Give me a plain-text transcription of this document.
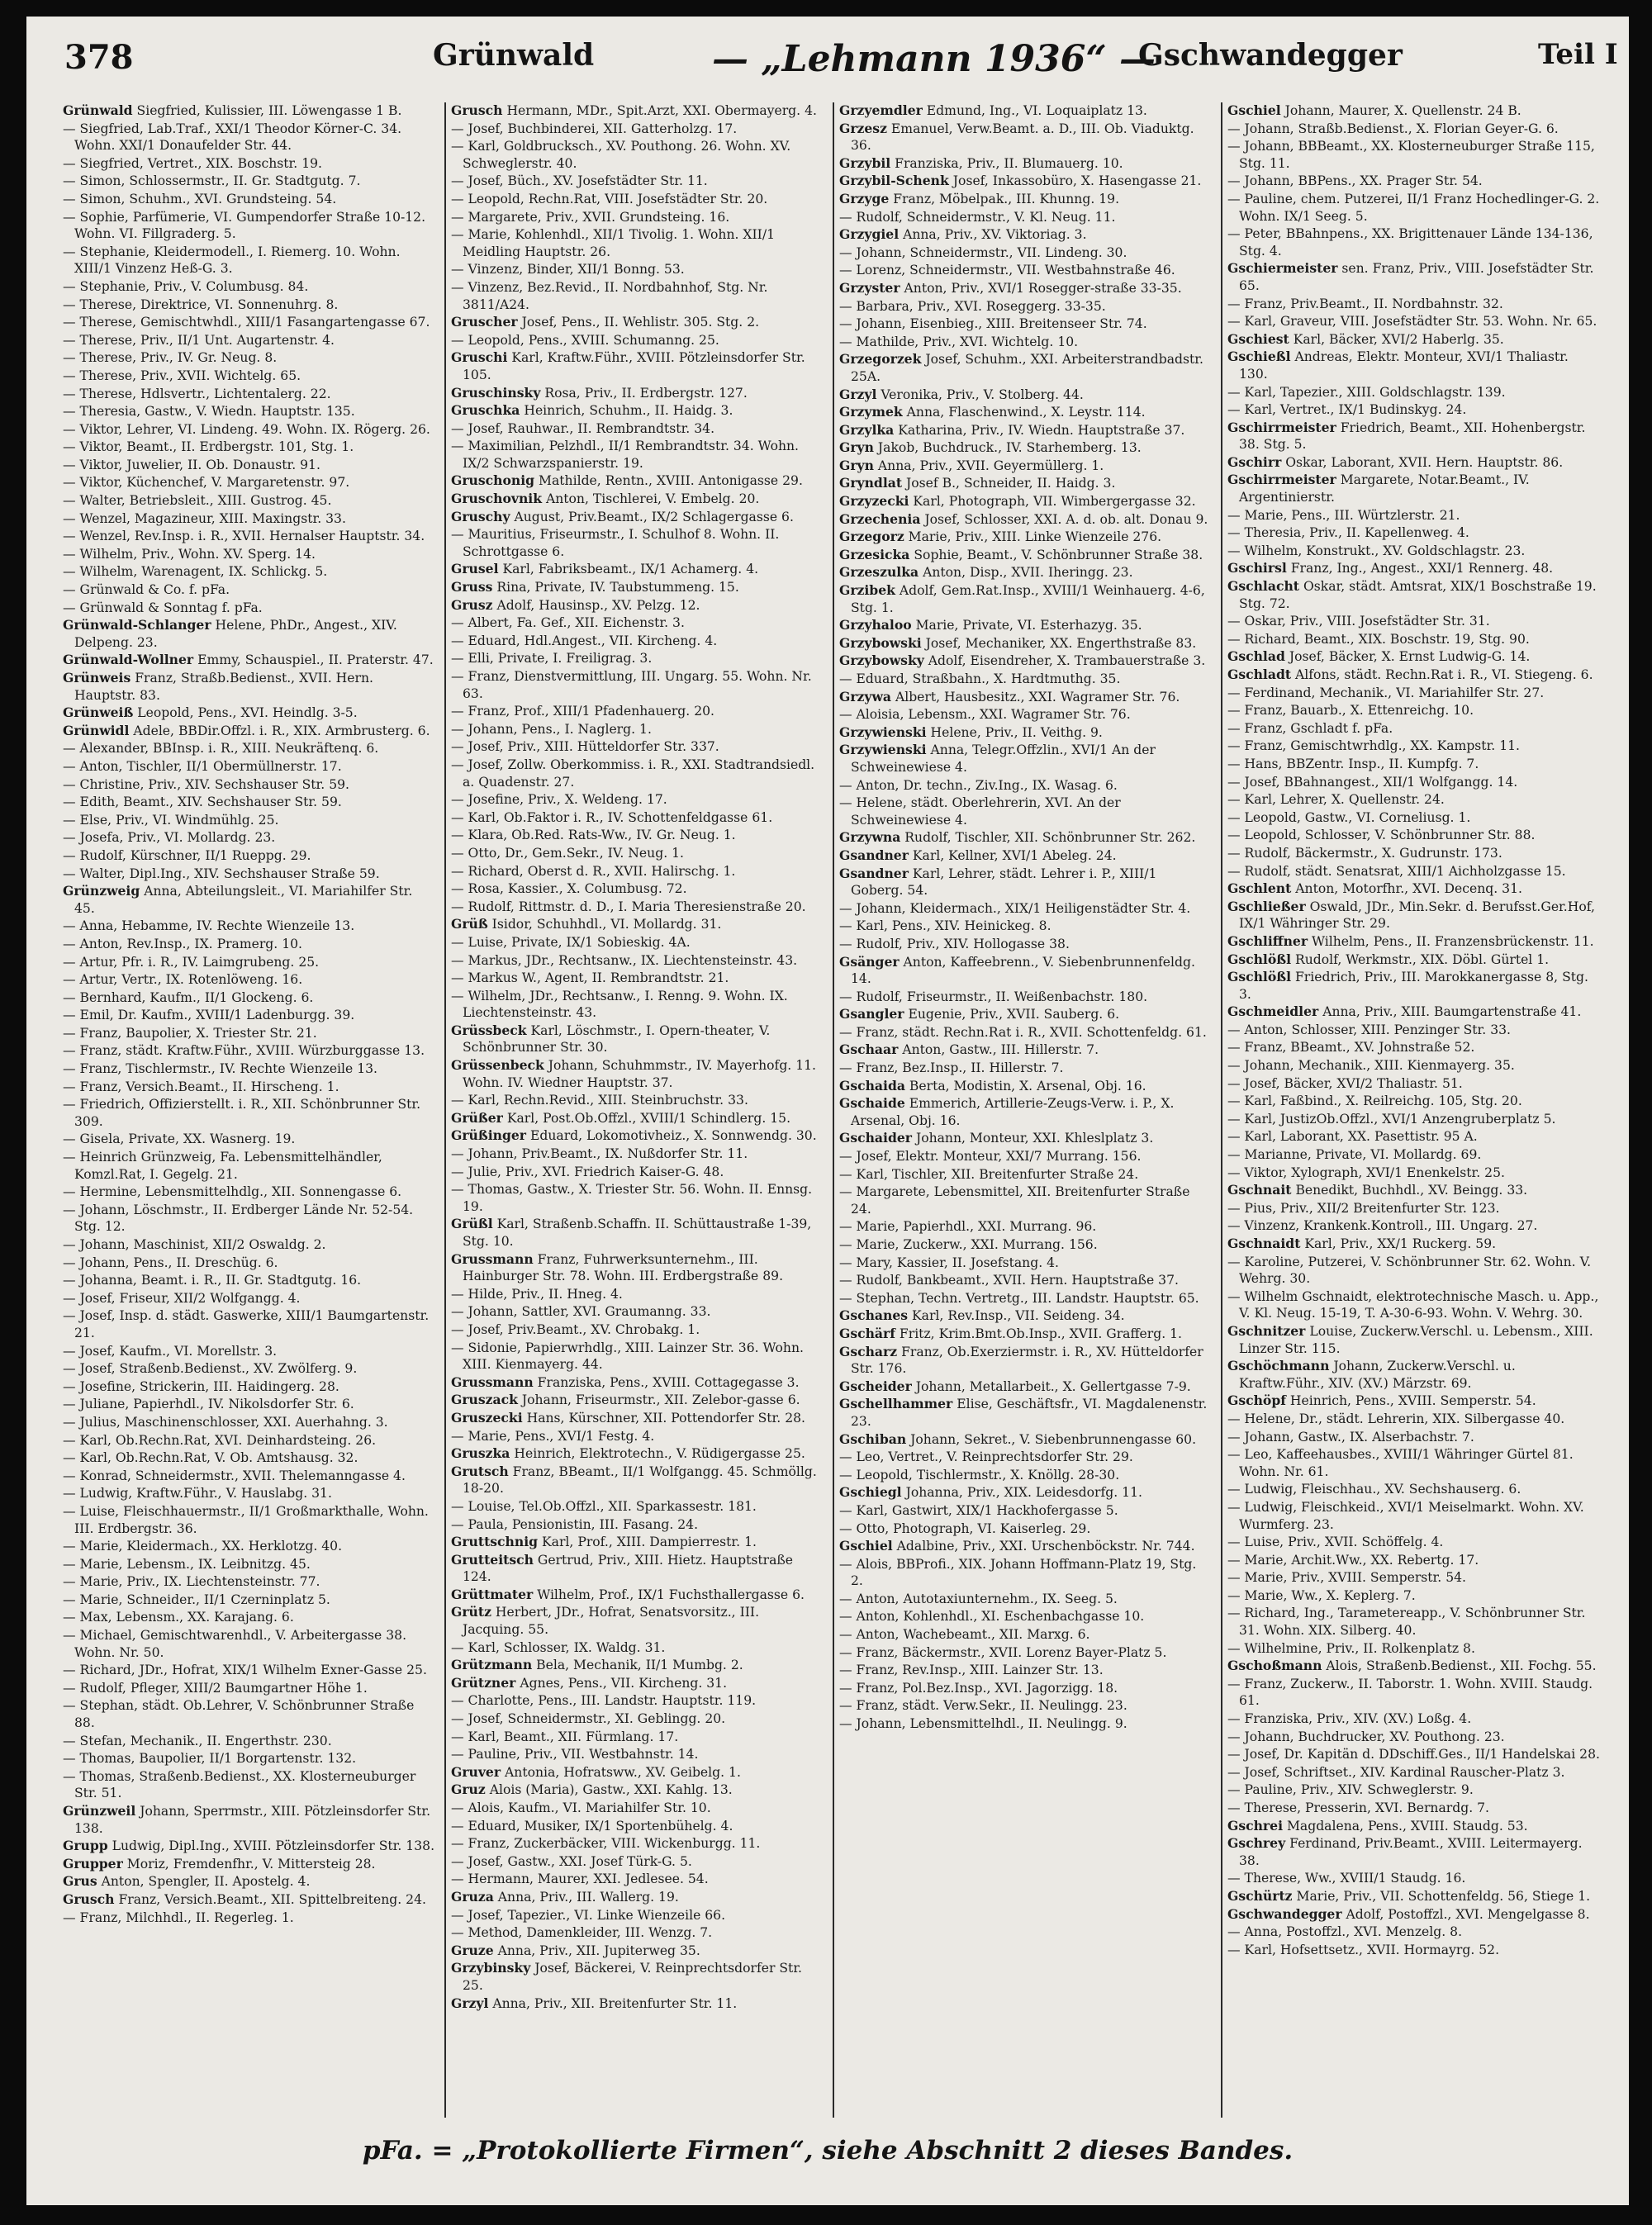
378	Grünwald	— „Lehmann 1936“ —
Gschwandegger	Teil I
Grünwald Siegfried, Kulissier, III. Löwengasse 1 B.
— Siegfried, Lab.Traf., XXI/1 Theodor Körner-C. 34. Wohn. XXI/1 Donaufelder Str. 44.
— Siegfried, Vertret., XIX. Boschstr. 19.
— Simon, Schlossermstr., II. Gr. Stadtgutg. 7.
— Simon, Schuhm., XVI. Grundsteing. 54.
— Sophie, Parfümerie, VI. Gumpendorfer Straße 10-12. Wohn. VI. Fillgraderg. 5.
— Stephanie, Kleidermodell., I. Riemerg. 10. Wohn. XIII/1 Vinzenz Heß-G. 3.
— Stephanie, Priv., V. Columbusg. 84.
— Therese, Direktrice, VI. Sonnenuhrg. 8.
— Therese, Gemischtwhdl., XIII/1 Fasangartengasse 67.
— Therese, Priv., II/1 Unt. Augartenstr. 4.
— Therese, Priv., IV. Gr. Neug. 8.
— Therese, Priv., XVII. Wichtelg. 65.
— Therese, Hdlsvertr., Lichtentalerg. 22.
— Theresia, Gastw., V. Wiedn. Hauptstr. 135.
— Viktor, Lehrer, VI. Lindeng. 49. Wohn. IX. Rögerg. 26.
— Viktor, Beamt., II. Erdbergstr. 101, Stg. 1.
— Viktor, Juwelier, II. Ob. Donaustr. 91.
— Viktor, Küchenchef, V. Margaretenstr. 97.
— Walter, Betriebsleit., XIII. Gustrog. 45.
— Wenzel, Magazineur, XIII. Maxingstr. 33.
— Wenzel, Rev.Insp. i. R., XVII. Hernalser Hauptstr. 34.
— Wilhelm, Priv., Wohn. XV. Sperg. 14.
— Wilhelm, Warenagent, IX. Schlickg. 5.
— Grünwald & Co. f. pFa.
— Grünwald & Sonntag f. pFa.
Grünwald-Schlanger Helene, PhDr., Angest., XIV. Delpeng. 23.
Grünwald-Wollner Emmy, Schauspiel., II. Praterstr. 47.
Grünweis Franz, Straßb.Bedienst., XVII. Hern. Hauptstr. 83.
Grünweiß Leopold, Pens., XVI. Heindlg. 3-5.
Grünwidl Adele, BBDir.Offzl. i. R., XIX. Armbrusterg. 6.
— Alexander, BBInsp. i. R., XIII. Neukräftenq. 6.
— Anton, Tischler, II/1 Obermüllnerstr. 17.
— Christine, Priv., XIV. Sechshauser Str. 59.
— Edith, Beamt., XIV. Sechshauser Str. 59.
— Else, Priv., VI. Windmühlg. 25.
— Josefa, Priv., VI. Mollardg. 23.
— Rudolf, Kürschner, II/1 Rueppg. 29.
— Walter, Dipl.Ing., XIV. Sechshauser Straße 59.
Grünzweig Anna, Abteilungsleit., VI. Mariahilfer Str. 45.
— Anna, Hebamme, IV. Rechte Wienzeile 13.
— Anton, Rev.Insp., IX. Pramerg. 10.
— Artur, Pfr. i. R., IV. Laimgrubeng. 25.
— Artur, Vertr., IX. Rotenlöweng. 16.
— Bernhard, Kaufm., II/1 Glockeng. 6.
— Emil, Dr. Kaufm., XVIII/1 Ladenburgg. 39.
— Franz, Baupolier, X. Triester Str. 21.
— Franz, städt. Kraftw.Führ., XVIII. Würzburggasse 13.
— Franz, Tischlermstr., IV. Rechte Wienzeile 13.
— Franz, Versich.Beamt., II. Hirscheng. 1.
— Friedrich, Offizierstellt. i. R., XII. Schönbrunner Str. 309.
— Gisela, Private, XX. Wasnerg. 19.
— Heinrich Grünzweig, Fa. Lebensmittelhändler, Komzl.Rat, I. Gegelg. 21.
— Hermine, Lebensmittelhdlg., XII. Sonnengasse 6.
— Johann, Löschmstr., II. Erdberger Lände Nr. 52-54. Stg. 12.
— Johann, Maschinist, XII/2 Oswaldg. 2.
— Johann, Pens., II. Dreschüg. 6.
— Johanna, Beamt. i. R., II. Gr. Stadtgutg. 16.
— Josef, Friseur, XII/2 Wolfgangg. 4.
— Josef, Insp. d. städt. Gaswerke, XIII/1 Baumgartenstr. 21.
— Josef, Kaufm., VI. Morellstr. 3.
— Josef, Straßenb.Bedienst., XV. Zwölferg. 9.
— Josefine, Strickerin, III. Haidingerg. 28.
— Juliane, Papierhdl., IV. Nikolsdorfer Str. 6.
— Julius, Maschinenschlosser, XXI. Auerhahng. 3.
— Karl, Ob.Rechn.Rat, XVI. Deinhardsteing. 26.
— Karl, Ob.Rechn.Rat, V. Ob. Amtshausg. 32.
— Konrad, Schneidermstr., XVII. Thelemanngasse 4.
— Ludwig, Kraftw.Führ., V. Hauslabg. 31.
— Luise, Fleischhauermstr., II/1 Großmarkthalle, Wohn. III. Erdbergstr. 36.
— Marie, Kleidermach., XX. Herklotzg. 40.
— Marie, Lebensm., IX. Leibnitzg. 45.
— Marie, Priv., IX. Liechtensteinstr. 77.
— Marie, Schneider., II/1 Czerninplatz 5.
— Max, Lebensm., XX. Karajang. 6.
— Michael, Gemischtwarenhdl., V. Arbeitergasse 38. Wohn. Nr. 50.
— Richard, JDr., Hofrat, XIX/1 Wilhelm Exner-Gasse 25.
— Rudolf, Pfleger, XIII/2 Baumgartner Höhe 1.
— Stephan, städt. Ob.Lehrer, V. Schönbrunner Straße 88.
— Stefan, Mechanik., II. Engerthstr. 230.
— Thomas, Baupolier, II/1 Borgartenstr. 132.
— Thomas, Straßenb.Bedienst., XX. Klosterneuburger Str. 51.
Grünzweil Johann, Sperrmstr., XIII. Pötzleinsdorfer Str. 138.
Grupp Ludwig, Dipl.Ing., XVIII. Pötzleinsdorfer Str. 138.
Grupper Moriz, Fremdenfhr., V. Mittersteig 28.
Grus Anton, Spengler, II. Apostelg. 4.
Grusch Franz, Versich.Beamt., XII. Spittelbreiteng. 24.
— Franz, Milchhdl., II. Regerleg. 1.
Grusch Hermann, MDr., Spit.Arzt, XXI. Obermayerg. 4.
— Josef, Buchbinderei, XII. Gatterholzg. 17.
— Karl, Goldbrucksch., XV. Pouthong. 26. Wohn. XV. Schweglerstr. 40.
— Josef, Büch., XV. Josefstädter Str. 11.
— Leopold, Rechn.Rat, VIII. Josefstädter Str. 20.
— Margarete, Priv., XVII. Grundsteing. 16.
— Marie, Kohlenhdl., XII/1 Tivolig. 1. Wohn. XII/1 Meidling Hauptstr. 26.
— Vinzenz, Binder, XII/1 Bonng. 53.
— Vinzenz, Bez.Revid., II. Nordbahnhof, Stg. Nr. 3811/A24.
Gruscher Josef, Pens., II. Wehlistr. 305. Stg. 2.
— Leopold, Pens., XVIII. Schumanng. 25.
Gruschi Karl, Kraftw.Führ., XVIII. Pötzleinsdorfer Str. 105.
Gruschinsky Rosa, Priv., II. Erdbergstr. 127.
Gruschka Heinrich, Schuhm., II. Haidg. 3.
— Josef, Rauhwar., II. Rembrandtstr. 34.
— Maximilian, Pelzhdl., II/1 Rembrandtstr. 34. Wohn. IX/2 Schwarzspanierstr. 19.
Gruschonig Mathilde, Rentn., XVIII. Antonigasse 29.
Gruschovnik Anton, Tischlerei, V. Embelg. 20.
Gruschy August, Priv.Beamt., IX/2 Schlagergasse 6.
— Mauritius, Friseurmstr., I. Schulhof 8. Wohn. II. Schrottgasse 6.
Grusel Karl, Fabriksbeamt., IX/1 Achamerg. 4.
Gruss Rina, Private, IV. Taubstummeng. 15.
Grusz Adolf, Hausinsp., XV. Pelzg. 12.
— Albert, Fa. Gef., XII. Eichenstr. 3.
— Eduard, Hdl.Angest., VII. Kircheng. 4.
— Elli, Private, I. Freiligrag. 3.
— Franz, Dienstvermittlung, III. Ungarg. 55. Wohn. Nr. 63.
— Franz, Prof., XIII/1 Pfadenhauerg. 20.
— Johann, Pens., I. Naglerg. 1.
— Josef, Priv., XIII. Hütteldorfer Str. 337.
— Josef, Zollw. Oberkommiss. i. R., XXI. Stadtrandsiedl. a. Quadenstr. 27.
— Josefine, Priv., X. Weldeng. 17.
— Karl, Ob.Faktor i. R., IV. Schottenfeldgasse 61.
— Klara, Ob.Red. Rats-Ww., IV. Gr. Neug. 1.
— Otto, Dr., Gem.Sekr., IV. Neug. 1.
— Richard, Oberst d. R., XVII. Halirschg. 1.
— Rosa, Kassier., X. Columbusg. 72.
— Rudolf, Rittmstr. d. D., I. Maria Theresienstraße 20.
Grüß Isidor, Schuhhdl., VI. Mollardg. 31.
— Luise, Private, IX/1 Sobieskig. 4A.
— Markus, JDr., Rechtsanw., IX. Liechtensteinstr. 43.
— Markus W., Agent, II. Rembrandtstr. 21.
— Wilhelm, JDr., Rechtsanw., I. Renng. 9. Wohn. IX. Liechtensteinstr. 43.
Grüssbeck Karl, Löschmstr., I. Opern-theater, V. Schönbrunner Str. 30.
Grüssenbeck Johann, Schuhmmstr., IV. Mayerhofg. 11. Wohn. IV. Wiedner Hauptstr. 37.
— Karl, Rechn.Revid., XIII. Steinbruchstr. 33.
Grüßer Karl, Post.Ob.Offzl., XVIII/1 Schindlerg. 15.
Grüßinger Eduard, Lokomotivheiz., X. Sonnwendg. 30.
— Johann, Priv.Beamt., IX. Nußdorfer Str. 11.
— Julie, Priv., XVI. Friedrich Kaiser-G. 48.
— Thomas, Gastw., X. Triester Str. 56. Wohn. II. Ennsg. 19.
Grüßl Karl, Straßenb.Schaffn. II. Schüttaustraße 1-39, Stg. 10.
Grussmann Franz, Fuhrwerksunternehm., III. Hainburger Str. 78. Wohn. III. Erdbergstraße 89.
— Hilde, Priv., II. Hneg. 4.
— Johann, Sattler, XVI. Graumanng. 33.
— Josef, Priv.Beamt., XV. Chrobakg. 1.
— Sidonie, Papierwrhdlg., XIII. Lainzer Str. 36. Wohn. XIII. Kienmayerg. 44.
Grussmann Franziska, Pens., XVIII. Cottagegasse 3.
Gruszack Johann, Friseurmstr., XII. Zelebor-gasse 6.
Gruszecki Hans, Kürschner, XII. Pottendorfer Str. 28.
— Marie, Pens., XVI/1 Festg. 4.
Gruszka Heinrich, Elektrotechn., V. Rüdigergasse 25.
Grutsch Franz, BBeamt., II/1 Wolfgangg. 45. Schmöllg. 18-20.
— Louise, Tel.Ob.Offzl., XII. Sparkassestr. 181.
— Paula, Pensionistin, III. Fasang. 24.
Gruttschnig Karl, Prof., XIII. Dampierrestr. 1.
Grutteitsch Gertrud, Priv., XIII. Hietz. Hauptstraße 124.
Grüttmater Wilhelm, Prof., IX/1 Fuchsthallergasse 6.
Grütz Herbert, JDr., Hofrat, Senatsvorsitz., III. Jacquing. 55.
— Karl, Schlosser, IX. Waldg. 31.
Grützmann Bela, Mechanik, II/1 Mumbg. 2.
Grützner Agnes, Pens., VII. Kircheng. 31.
— Charlotte, Pens., III. Landstr. Hauptstr. 119.
— Josef, Schneidermstr., XI. Geblingg. 20.
— Karl, Beamt., XII. Fürmlang. 17.
— Pauline, Priv., VII. Westbahnstr. 14.
Gruver Antonia, Hofratsww., XV. Geibelg. 1.
Gruz Alois (Maria), Gastw., XXI. Kahlg. 13.
— Alois, Kaufm., VI. Mariahilfer Str. 10.
— Eduard, Musiker, IX/1 Sportenbühelg. 4.
— Franz, Zuckerbäcker, VIII. Wickenburgg. 11.
— Josef, Gastw., XXI. Josef Türk-G. 5.
— Hermann, Maurer, XXI. Jedlesee. 54.
Gruza Anna, Priv., III. Wallerg. 19.
— Josef, Tapezier., VI. Linke Wienzeile 66.
— Method, Damenkleider, III. Wenzg. 7.
Gruze Anna, Priv., XII. Jupiterweg 35.
Grzybinsky Josef, Bäckerei, V. Reinprechtsdorfer Str. 25.
Grzyl Anna, Priv., XII. Breitenfurter Str. 11.
Grzyemdler Edmund, Ing., VI. Loquaiplatz 13.
Grzesz Emanuel, Verw.Beamt. a. D., III. Ob. Viaduktg. 36.
Grzybil Franziska, Priv., II. Blumauerg. 10.
Grzybil-Schenk Josef, Inkassobüro, X. Hasengasse 21.
Grzyge Franz, Möbelpak., III. Khunng. 19.
— Rudolf, Schneidermstr., V. Kl. Neug. 11.
Grzygiel Anna, Priv., XV. Viktoriag. 3.
— Johann, Schneidermstr., VII. Lindeng. 30.
— Lorenz, Schneidermstr., VII. Westbahnstraße 46.
Grzyster Anton, Priv., XVI/1 Rosegger-straße 33-35.
— Barbara, Priv., XVI. Roseggerg. 33-35.
— Johann, Eisenbieg., XIII. Breitenseer Str. 74.
— Mathilde, Priv., XVI. Wichtelg. 10.
Grzegorzek Josef, Schuhm., XXI. Arbeiterstrandbadstr. 25A.
Grzyl Veronika, Priv., V. Stolberg. 44.
Grzymek Anna, Flaschenwind., X. Leystr. 114.
Grzylka Katharina, Priv., IV. Wiedn. Hauptstraße 37.
Gryn Jakob, Buchdruck., IV. Starhemberg. 13.
Gryn Anna, Priv., XVII. Geyermüllerg. 1.
Gryndlat Josef B., Schneider, II. Haidg. 3.
Grzyzecki Karl, Photograph, VII. Wimbergergasse 32.
Grzechenia Josef, Schlosser, XXI. A. d. ob. alt. Donau 9.
Grzegorz Marie, Priv., XIII. Linke Wienzeile 276.
Grzesicka Sophie, Beamt., V. Schönbrunner Straße 38.
Grzeszulka Anton, Disp., XVII. Iheringg. 23.
Grzibek Adolf, Gem.Rat.Insp., XVIII/1 Weinhauerg. 4-6, Stg. 1.
Grzyhaloo Marie, Private, VI. Esterhazyg. 35.
Grzybowski Josef, Mechaniker, XX. Engerthstraße 83.
Grzybowsky Adolf, Eisendreher, X. Trambauerstraße 3.
— Eduard, Straßbahn., X. Hardtmuthg. 35.
Grzywa Albert, Hausbesitz., XXI. Wagramer Str. 76.
— Aloisia, Lebensm., XXI. Wagramer Str. 76.
Grzywienski Helene, Priv., II. Veithg. 9.
Grzywienski Anna, Telegr.Offzlin., XVI/1 An der Schweinewiese 4.
— Anton, Dr. techn., Ziv.Ing., IX. Wasag. 6.
— Helene, städt. Oberlehrerin, XVI. An der Schweinewiese 4.
Grzywna Rudolf, Tischler, XII. Schönbrunner Str. 262.
Gsandner Karl, Kellner, XVI/1 Abeleg. 24.
Gsandner Karl, Lehrer, städt. Lehrer i. P., XIII/1 Goberg. 54.
— Johann, Kleidermach., XIX/1 Heiligenstädter Str. 4.
— Karl, Pens., XIV. Heinickeg. 8.
— Rudolf, Priv., XIV. Hollogasse 38.
Gsänger Anton, Kaffeebrenn., V. Siebenbrunnenfeldg. 14.
— Rudolf, Friseurmstr., II. Weißenbachstr. 180.
Gsangler Eugenie, Priv., XVII. Sauberg. 6.
— Franz, städt. Rechn.Rat i. R., XVII. Schottenfeldg. 61.
Gschaar Anton, Gastw., III. Hillerstr. 7.
— Franz, Bez.Insp., II. Hillerstr. 7.
Gschaida Berta, Modistin, X. Arsenal, Obj. 16.
Gschaide Emmerich, Artillerie-Zeugs-Verw. i. P., X. Arsenal, Obj. 16.
Gschaider Johann, Monteur, XXI. Khleslplatz 3.
— Josef, Elektr. Monteur, XXI/7 Murrang. 156.
— Karl, Tischler, XII. Breitenfurter Straße 24.
— Margarete, Lebensmittel, XII. Breitenfurter Straße 24.
— Marie, Papierhdl., XXI. Murrang. 96.
— Marie, Zuckerw., XXI. Murrang. 156.
— Mary, Kassier, II. Josefstang. 4.
— Rudolf, Bankbeamt., XVII. Hern. Hauptstraße 37.
— Stephan, Techn. Vertretg., III. Landstr. Hauptstr. 65.
Gschanes Karl, Rev.Insp., VII. Seideng. 34.
Gschärf Fritz, Krim.Bmt.Ob.Insp., XVII. Grafferg. 1.
Gscharz Franz, Ob.Exerziermstr. i. R., XV. Hütteldorfer Str. 176.
Gscheider Johann, Metallarbeit., X. Gellertgasse 7-9.
Gschellhammer Elise, Geschäftsfr., VI. Magdalenenstr. 23.
Gschiban Johann, Sekret., V. Siebenbrunnengasse 60.
— Leo, Vertret., V. Reinprechtsdorfer Str. 29.
— Leopold, Tischlermstr., X. Knöllg. 28-30.
Gschiegl Johanna, Priv., XIX. Leidesdorfg. 11.
— Karl, Gastwirt, XIX/1 Hackhofergasse 5.
— Otto, Photograph, VI. Kaiserleg. 29.
Gschiel Adalbine, Priv., XXI. Urschenböckstr. Nr. 744.
— Alois, BBProfi., XIX. Johann Hoffmann-Platz 19, Stg. 2.
— Anton, Autotaxiunternehm., IX. Seeg. 5.
— Anton, Kohlenhdl., XI. Eschenbachgasse 10.
— Anton, Wachebeamt., XII. Marxg. 6.
— Franz, Bäckermstr., XVII. Lorenz Bayer-Platz 5.
— Franz, Rev.Insp., XIII. Lainzer Str. 13.
— Franz, Pol.Bez.Insp., XVI. Jagorzigg. 18.
— Franz, städt. Verw.Sekr., II. Neulingg. 23.
— Johann, Lebensmittelhdl., II. Neulingg. 9.
Gschiel Johann, Maurer, X. Quellenstr. 24 B.
— Johann, Straßb.Bedienst., X. Florian Geyer-G. 6.
— Johann, BBBeamt., XX. Klosterneuburger Straße 115, Stg. 11.
— Johann, BBPens., XX. Prager Str. 54.
— Pauline, chem. Putzerei, II/1 Franz Hochedlinger-G. 2. Wohn. IX/1 Seeg. 5.
— Peter, BBahnpens., XX. Brigittenauer Lände 134-136, Stg. 4.
Gschiermeister sen. Franz, Priv., VIII. Josefstädter Str. 65.
— Franz, Priv.Beamt., II. Nordbahnstr. 32.
— Karl, Graveur, VIII. Josefstädter Str. 53. Wohn. Nr. 65.
Gschiest Karl, Bäcker, XVI/2 Haberlg. 35.
Gschießl Andreas, Elektr. Monteur, XVI/1 Thaliastr. 130.
— Karl, Tapezier., XIII. Goldschlagstr. 139.
— Karl, Vertret., IX/1 Budinskyg. 24.
Gschirrmeister Friedrich, Beamt., XII. Hohenbergstr. 38. Stg. 5.
Gschirr Oskar, Laborant, XVII. Hern. Hauptstr. 86.
Gschirrmeister Margarete, Notar.Beamt., IV. Argentinierstr.
— Marie, Pens., III. Würtzlerstr. 21.
— Theresia, Priv., II. Kapellenweg. 4.
— Wilhelm, Konstrukt., XV. Goldschlagstr. 23.
Gschirsl Franz, Ing., Angest., XXI/1 Rennerg. 48.
Gschlacht Oskar, städt. Amtsrat, XIX/1 Boschstraße 19. Stg. 72.
— Oskar, Priv., VIII. Josefstädter Str. 31.
— Richard, Beamt., XIX. Boschstr. 19, Stg. 90.
Gschlad Josef, Bäcker, X. Ernst Ludwig-G. 14.
Gschladt Alfons, städt. Rechn.Rat i. R., VI. Stiegeng. 6.
— Ferdinand, Mechanik., VI. Mariahilfer Str. 27.
— Franz, Bauarb., X. Ettenreichg. 10.
— Franz, Gschladt f. pFa.
— Franz, Gemischtwrhdlg., XX. Kampstr. 11.
— Hans, BBZentr. Insp., II. Kumpfg. 7.
— Josef, BBahnangest., XII/1 Wolfgangg. 14.
— Karl, Lehrer, X. Quellenstr. 24.
— Leopold, Gastw., VI. Corneliusg. 1.
— Leopold, Schlosser, V. Schönbrunner Str. 88.
— Rudolf, Bäckermstr., X. Gudrunstr. 173.
— Rudolf, städt. Senatsrat, XIII/1 Aichholzgasse 15.
Gschlent Anton, Motorfhr., XVI. Decenq. 31.
Gschließer Oswald, JDr., Min.Sekr. d. Berufsst.Ger.Hof, IX/1 Währinger Str. 29.
Gschliffner Wilhelm, Pens., II. Franzensbrückenstr. 11.
Gschlößl Rudolf, Werkmstr., XIX. Döbl. Gürtel 1.
Gschlößl Friedrich, Priv., III. Marokkanergasse 8, Stg. 3.
Gschmeidler Anna, Priv., XIII. Baumgartenstraße 41.
— Anton, Schlosser, XIII. Penzinger Str. 33.
— Franz, BBeamt., XV. Johnstraße 52.
— Johann, Mechanik., XIII. Kienmayerg. 35.
— Josef, Bäcker, XVI/2 Thaliastr. 51.
— Karl, Faßbind., X. Reilreichg. 105, Stg. 20.
— Karl, JustizOb.Offzl., XVI/1 Anzengruberplatz 5.
— Karl, Laborant, XX. Pasettistr. 95 A.
— Marianne, Private, VI. Mollardg. 69.
— Viktor, Xylograph, XVI/1 Enenkelstr. 25.
Gschnait Benedikt, Buchhdl., XV. Beingg. 33.
— Pius, Priv., XII/2 Breitenfurter Str. 123.
— Vinzenz, Krankenk.Kontroll., III. Ungarg. 27.
Gschnaidt Karl, Priv., XX/1 Ruckerg. 59.
— Karoline, Putzerei, V. Schönbrunner Str. 62. Wohn. V. Wehrg. 30.
— Wilhelm Gschnaidt, elektrotechnische Masch. u. App., V. Kl. Neug. 15-19, T. A-30-6-93. Wohn. V. Wehrg. 30.
Gschnitzer Louise, Zuckerw.Verschl. u. Lebensm., XIII. Linzer Str. 115.
Gschöchmann Johann, Zuckerw.Verschl. u. Kraftw.Führ., XIV. (XV.) Märzstr. 69.
Gschöpf Heinrich, Pens., XVIII. Semperstr. 54.
— Helene, Dr., städt. Lehrerin, XIX. Silbergasse 40.
— Johann, Gastw., IX. Alserbachstr. 7.
— Leo, Kaffeehausbes., XVIII/1 Währinger Gürtel 81. Wohn. Nr. 61.
— Ludwig, Fleischhau., XV. Sechshauserg. 6.
— Ludwig, Fleischkeid., XVI/1 Meiselmarkt. Wohn. XV. Wurmferg. 23.
— Luise, Priv., XVII. Schöffelg. 4.
— Marie, Archit.Ww., XX. Rebertg. 17.
— Marie, Priv., XVIII. Semperstr. 54.
— Marie, Ww., X. Keplerg. 7.
— Richard, Ing., Tarametereapp., V. Schönbrunner Str. 31. Wohn. XIX. Silberg. 40.
— Wilhelmine, Priv., II. Rolkenplatz 8.
Gschoßmann Alois, Straßenb.Bedienst., XII. Fochg. 55.
— Franz, Zuckerw., II. Taborstr. 1. Wohn. XVIII. Staudg. 61.
— Franziska, Priv., XIV. (XV.) Loßg. 4.
— Johann, Buchdrucker, XV. Pouthong. 23.
— Josef, Dr. Kapitän d. DDschiff.Ges., II/1 Handelskai 28.
— Josef, Schriftset., XIV. Kardinal Rauscher-Platz 3.
— Pauline, Priv., XIV. Schweglerstr. 9.
— Therese, Presserin, XVI. Bernardg. 7.
Gschrei Magdalena, Pens., XVIII. Staudg. 53.
Gschrey Ferdinand, Priv.Beamt., XVIII. Leitermayerg. 38.
— Therese, Ww., XVIII/1 Staudg. 16.
Gschürtz Marie, Priv., VII. Schottenfeldg. 56, Stiege 1.
Gschwandegger Adolf, Postoffzl., XVI. Mengelgasse 8.
— Anna, Postoffzl., XVI. Menzelg. 8.
— Karl, Hofsettsetz., XVII. Hormayrg. 52.
pFa. = „Protokollierte Firmen“, siehe Abschnitt 2 dieses Bandes.
